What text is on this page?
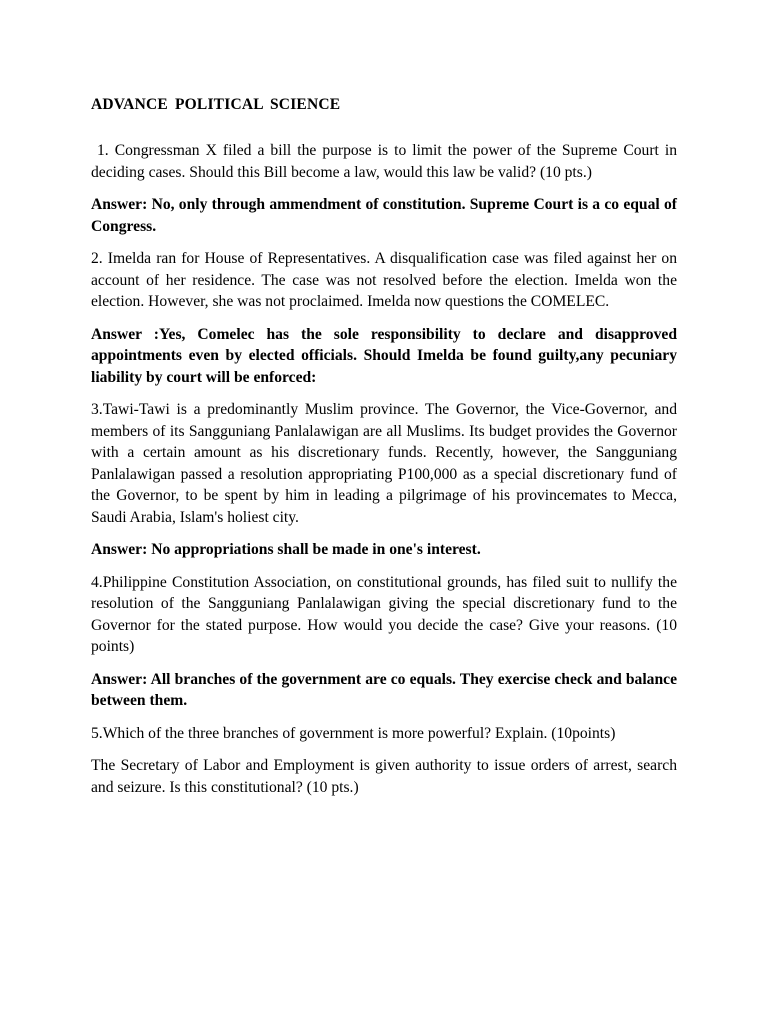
ADVANCE POLITICAL SCIENCE

1. Congressman X filed a bill the purpose is to limit the power of the Supreme Court in deciding cases. Should this Bill become a law, would this law be valid? (10 pts.)

Answer: No, only through ammendment of constitution. Supreme Court is a co equal of Congress.

2. Imelda ran for House of Representatives. A disqualification case was filed against her on account of her residence. The case was not resolved before the election. Imelda won the election. However, she was not proclaimed. Imelda now questions the COMELEC.

Answer :Yes, Comelec has the sole responsibility to declare and disapproved appointments even by elected officials. Should Imelda be found guilty,any pecuniary liability by court will be enforced:

3.Tawi-Tawi is a predominantly Muslim province. The Governor, the Vice-Governor, and members of its Sangguniang Panlalawigan are all Muslims. Its budget provides the Governor with a certain amount as his discretionary funds. Recently, however, the Sangguniang Panlalawigan passed a resolution appropriating P100,000 as a special discretionary fund of the Governor, to be spent by him in leading a pilgrimage of his provincemates to Mecca, Saudi Arabia, Islam's holiest city.

Answer: No appropriations shall be made in one's interest.

4.Philippine Constitution Association, on constitutional grounds, has filed suit to nullify the resolution of the Sangguniang Panlalawigan giving the special discretionary fund to the Governor for the stated purpose. How would you decide the case? Give your reasons. (10 points)

Answer: All branches of the government are co equals. They exercise check and balance between them.

5.Which of the three branches of government is more powerful? Explain. (10points)

The Secretary of Labor and Employment is given authority to issue orders of arrest, search and seizure. Is this constitutional? (10 pts.)
